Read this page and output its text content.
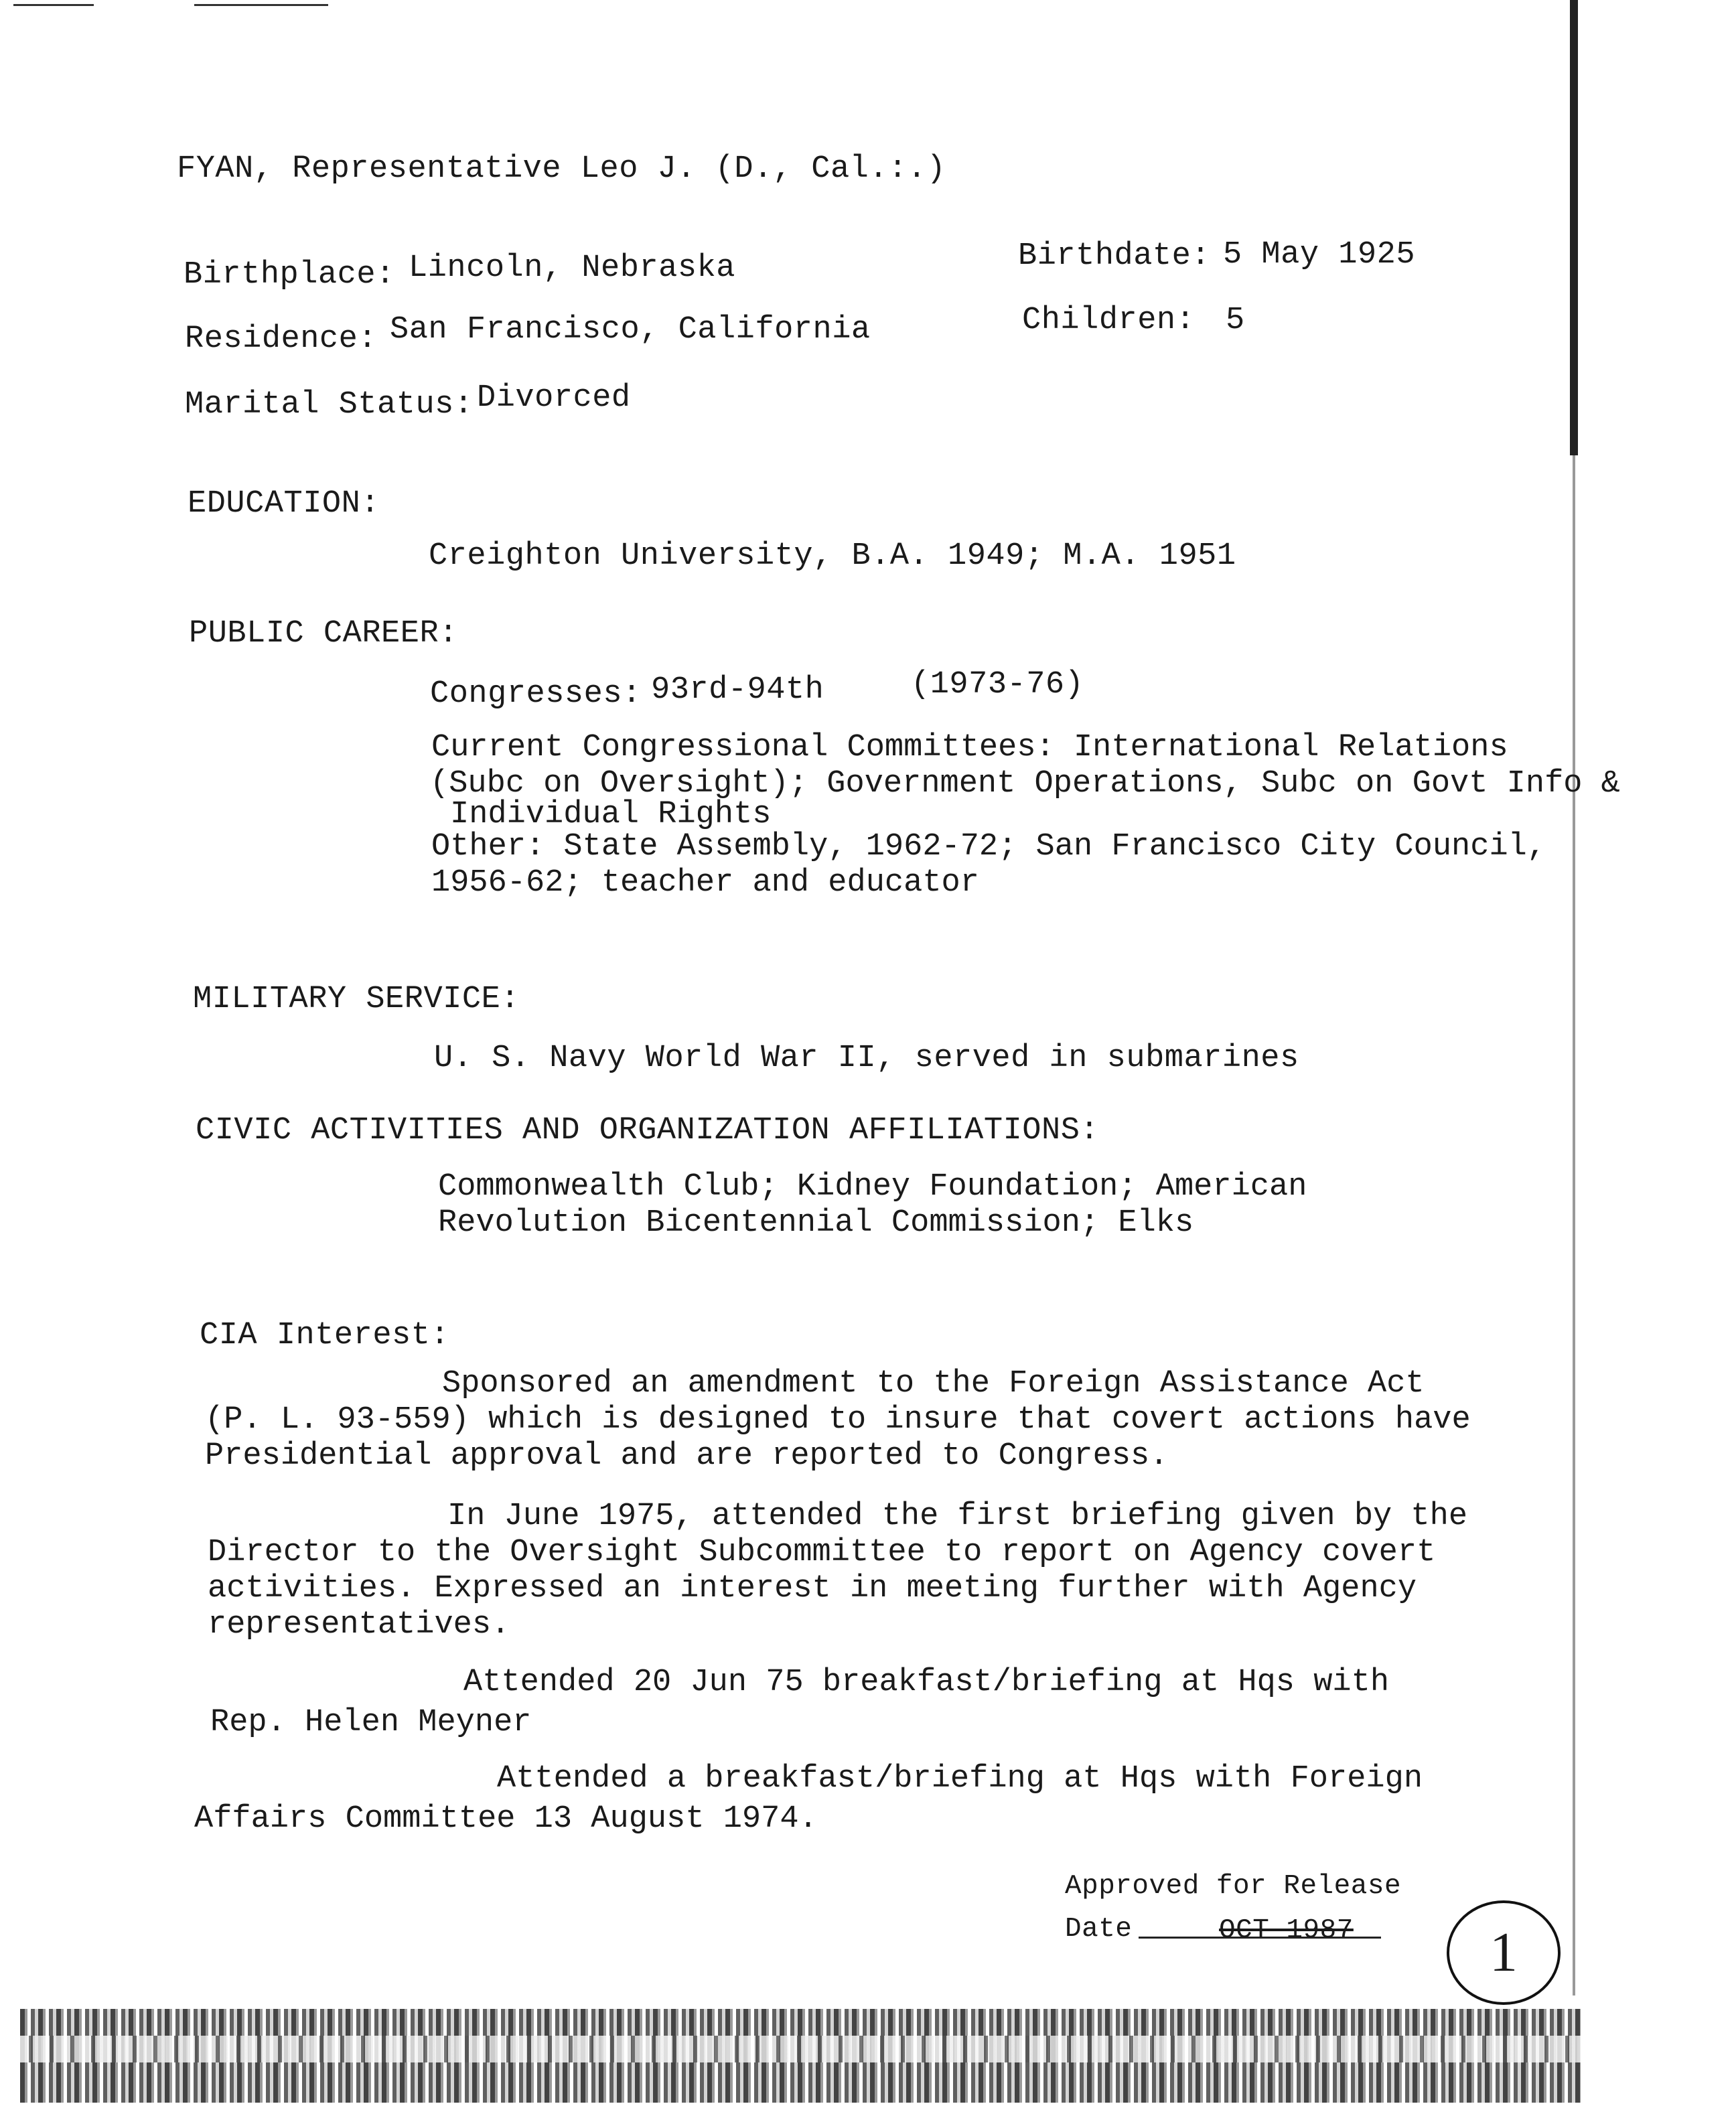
FYAN, Representative Leo J. (D., Cal.:.)
Birthplace: Lincoln, Nebraska	Birthdate: 5 May 1925
Residence: San Francisco, California	Children: 5
Marital Status: Divorced
EDUCATION:
Creighton University, B.A. 1949; M.A. 1951
PUBLIC CAREER:
Congresses: 93rd-94th	(1973-76)
Current Congressional Committees: International Relations
(Subc on Oversight); Government Operations, Subc on Govt Info &
Individual Rights
Other: State Assembly, 1962-72; San Francisco City Council,
1956-62; teacher and educator
MILITARY SERVICE:
U. S. Navy World War II, served in submarines
CIVIC ACTIVITIES AND ORGANIZATION AFFILIATIONS:
Commonwealth Club; Kidney Foundation; American
Revolution Bicentennial Commission; Elks
CIA Interest:
Sponsored an amendment to the Foreign Assistance Act
(P. L. 93-559) which is designed to insure that covert actions have
Presidential approval and are reported to Congress.
In June 1975, attended the first briefing given by the
Director to the Oversight Subcommittee to report on Agency covert
activities. Expressed an interest in meeting further with Agency
representatives.
Attended 20 Jun 75 breakfast/briefing at Hqs with
Rep. Helen Meyner
Attended a breakfast/briefing at Hqs with Foreign
Affairs Committee 13 August 1974.
Approved for Release
Date	OCT 1987	1
